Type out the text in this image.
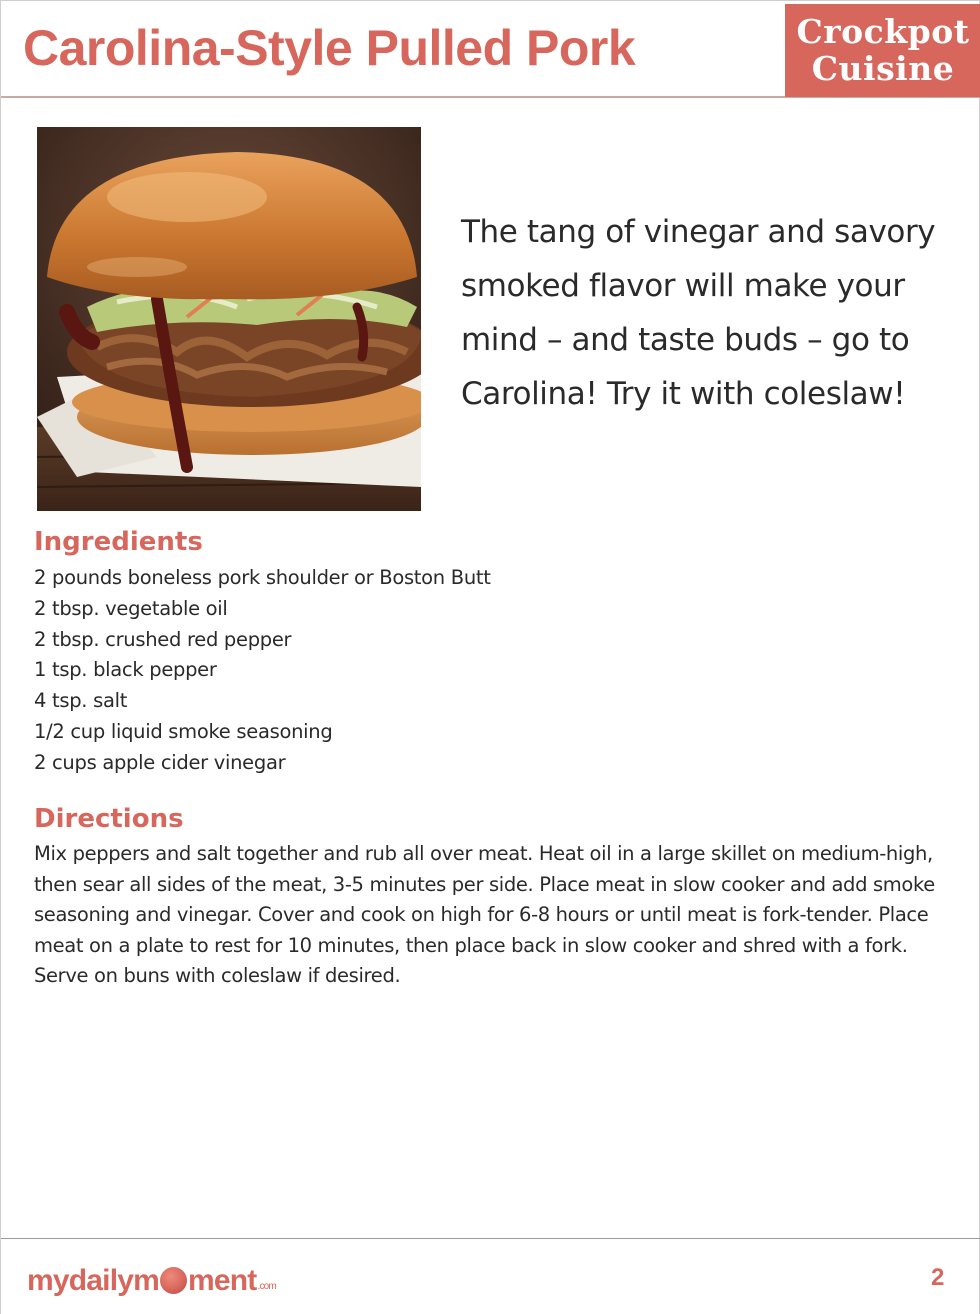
Carolina-Style Pulled Pork	Crockpot
Cuisine
The tang of vinegar and savory
smoked flavor will make your
mind – and taste buds – go to
Carolina! Try it with coleslaw!
Ingredients
2 pounds boneless pork shoulder or Boston Butt
2 tbsp. vegetable oil
2 tbsp. crushed red pepper
1 tsp. black pepper
4 tsp. salt
1/2 cup liquid smoke seasoning
2 cups apple cider vinegar
Directions
Mix peppers and salt together and rub all over meat. Heat oil in a large skillet on medium-high,
then sear all sides of the meat, 3-5 minutes per side. Place meat in slow cooker and add smoke
seasoning and vinegar. Cover and cook on high for 6-8 hours or until meat is fork-tender. Place
meat on a plate to rest for 10 minutes, then place back in slow cooker and shred with a fork.
Serve on buns with coleslaw if desired.
mydailym ment .com	2
